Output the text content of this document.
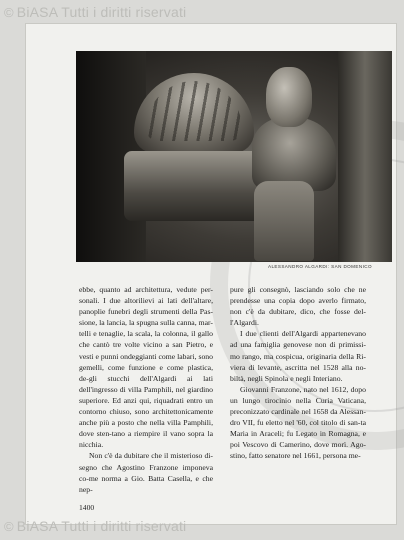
© BiASA Tutti i diritti riservati
ALESSANDRO ALGARDI: SAN DOMENICO

ebbe, quanto ad architettura, vedute per-sonali. I due altorilievi ai lati dell'altare, panoplie funebri degli strumenti della Pas-sione, la lancia, la spugna sulla canna, mar-telli e tenaglie, la scala, la colonna, il gallo che cantò tre volte vicino a san Pietro, e vesti e punni ondeggianti come labari, sono gemelli, come funzione e come plastica, de-gli stucchi dell'Algardi ai lati dell'ingresso di villa Pamphili, nel giardino superiore. Ed anzi qui, riquadrati entro un contorno chiuso, sono architettonicamente anche più a posto che nella villa Pamphili, dove sten-tano a riempire il vano sopra la nicchia.

Non c'è da dubitare che il misterioso di-segno che Agostino Franzone imponeva co-me norma a Gio. Batta Casella, e che nep-

pure gli consegnò, lasciando solo che ne prendesse una copia dopo averlo firmato, non c'è da dubitare, dico, che fosse del-l'Algardi.

I due clienti dell'Algardi appartenevano ad una famiglia genovese non di primissi-mo rango, ma cospicua, originaria della Ri-viera di levante, ascritta nel 1528 alla no-biltà, negli Spinola e negli Interiano.

Giovanni Franzone, nato nel 1612, dopo un lungo tirocinio nella Curia Vaticana, preconizzato cardinale nel 1658 da Alessan-dro VII, fu eletto nel '60, col titolo di san-ta Maria in Araceli; fu Legato in Romagna, e poi Vescovo di Camerino, dove morì. Ago-stino, fatto senatore nel 1661, persona me-

1400
© BiASA Tutti i diritti riservati
